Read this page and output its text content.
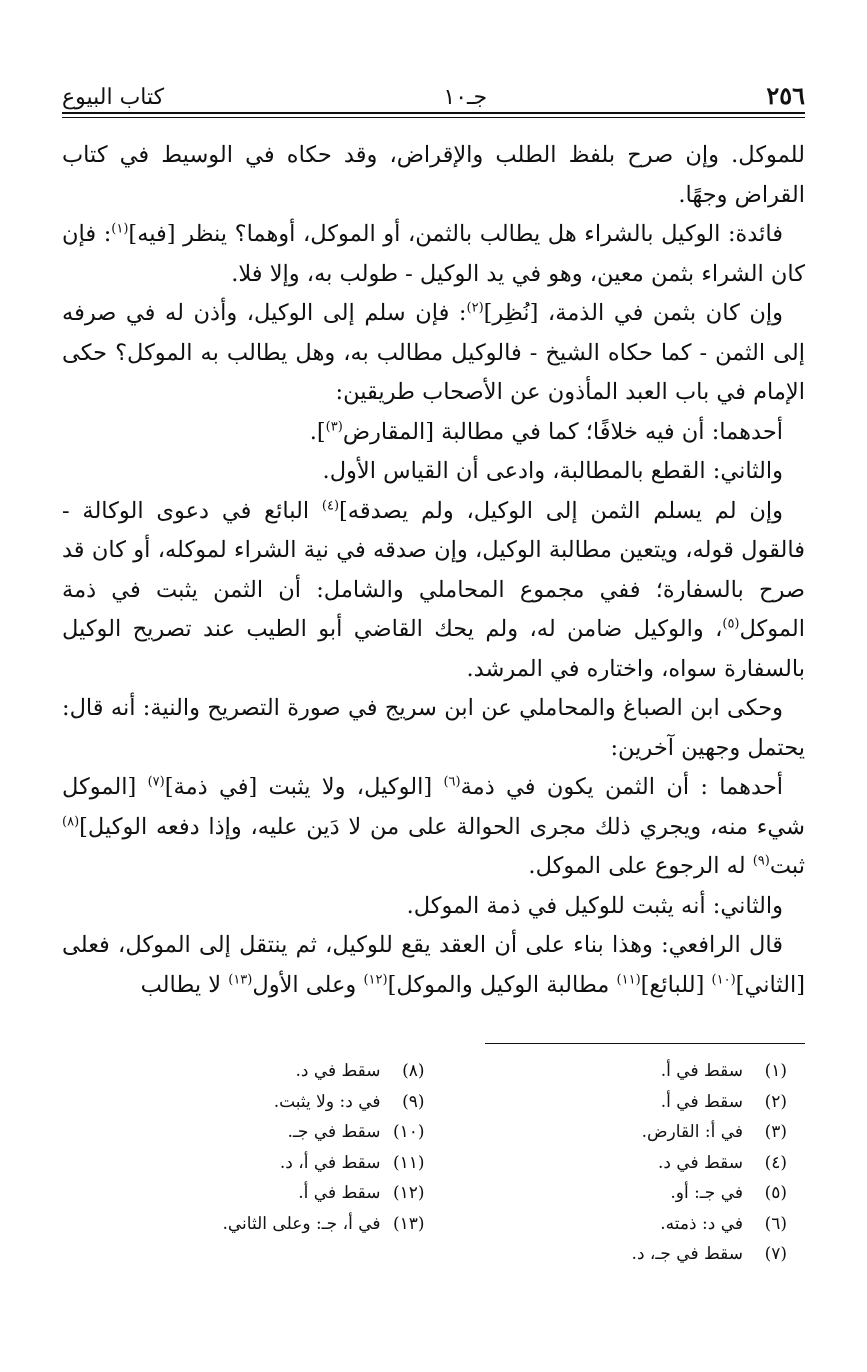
٢٥٦
جـ١٠
كتاب البيوع

للموكل. وإن صرح بلفظ الطلب والإقراض، وقد حكاه في الوسيط في كتاب القراض وجهًا.

فائدة: الوكيل بالشراء هل يطالب بالثمن، أو الموكل، أوهما؟ ينظر [فيه]$^{(١)}$: فإن كان الشراء بثمن معين، وهو في يد الوكيل - طولب به، وإلا فلا.

وإن كان بثمن في الذمة، [نُظِر]$^{(٢)}$: فإن سلم إلى الوكيل، وأذن له في صرفه إلى الثمن - كما حكاه الشيخ - فالوكيل مطالب به، وهل يطالب به الموكل؟ حكى الإمام في باب العبد المأذون عن الأصحاب طريقين:

أحدهما: أن فيه خلافًا؛ كما في مطالبة [المقارض$^{(٣)}$].

والثاني: القطع بالمطالبة، وادعى أن القياس الأول.

وإن لم يسلم الثمن إلى الوكيل، ولم يصدقه]$^{(٤)}$ البائع في دعوى الوكالة - فالقول قوله، ويتعين مطالبة الوكيل، وإن صدقه في نية الشراء لموكله، أو كان قد صرح بالسفارة؛ ففي مجموع المحاملي والشامل: أن الثمن يثبت في ذمة الموكل$^{(٥)}$، والوكيل ضامن له، ولم يحك القاضي أبو الطيب عند تصريح الوكيل بالسفارة سواه، واختاره في المرشد.

وحكى ابن الصباغ والمحاملي عن ابن سريج في صورة التصريح والنية: أنه قال: يحتمل وجهين آخرين:

أحدهما : أن الثمن يكون في ذمة$^{(٦)}$ [الوكيل، ولا يثبت [في ذمة]$^{(٧)}$ [الموكل شيء منه، ويجري ذلك مجرى الحوالة على من لا دَين عليه، وإذا دفعه الوكيل]$^{(٨)}$ ثبت$^{(٩)}$ له الرجوع على الموكل.

والثاني: أنه يثبت للوكيل في ذمة الموكل.

قال الرافعي: وهذا بناء على أن العقد يقع للوكيل، ثم ينتقل إلى الموكل، فعلى [الثاني]$^{(١٠)}$ [للبائع]$^{(١١)}$ مطالبة الوكيل والموكل]$^{(١٢)}$ وعلى الأول$^{(١٣)}$ لا يطالب

(١)سقط في أ.
(٢)سقط في أ.
(٣)في أ: القارض.
(٤)سقط في د.
(٥)في جـ: أو.
(٦)في د: ذمته.
(٧)سقط في جـ، د.
(٨)سقط في د.
(٩)في د: ولا يثبت.
(١٠)سقط في جـ.
(١١)سقط في أ، د.
(١٢)سقط في أ.
(١٣)في أ، جـ: وعلى الثاني.
